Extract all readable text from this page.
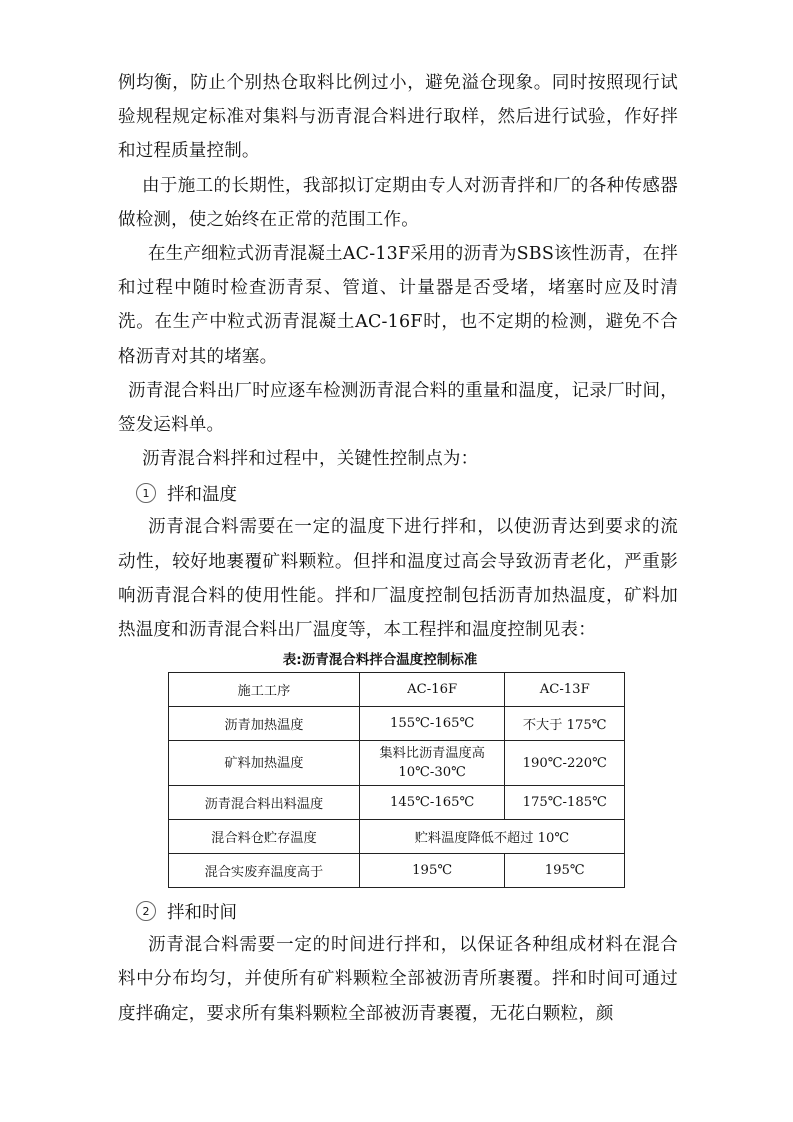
例均衡，防止个别热仓取料比例过小，避免溢仓现象。同时按照现行试验规程规定标准对集料与沥青混合料进行取样，然后进行试验，作好拌和过程质量控制。

由于施工的长期性，我部拟订定期由专人对沥青拌和厂的各种传感器做检测，使之始终在正常的范围工作。

在生产细粒式沥青混凝土AC-13F采用的沥青为SBS该性沥青，在拌和过程中随时检查沥青泵、管道、计量器是否受堵，堵塞时应及时清洗。在生产中粒式沥青混凝土AC-16F时，也不定期的检测，避免不合格沥青对其的堵塞。

沥青混合料出厂时应逐车检测沥青混合料的重量和温度，记录厂时间，签发运料单。

沥青混合料拌和过程中，关键性控制点为：

1	拌和温度

沥青混合料需要在一定的温度下进行拌和，以使沥青达到要求的流动性，较好地裹覆矿料颗粒。但拌和温度过高会导致沥青老化，严重影响沥青混合料的使用性能。拌和厂温度控制包括沥青加热温度，矿料加热温度和沥青混合料出厂温度等，本工程拌和温度控制见表：

表:沥青混合料拌合温度控制标准
施工工序	AC-16F	AC-13F
沥青加热温度	155℃-165℃	不大于 175℃
矿料加热温度	集料比沥青温度高 10℃-30℃	190℃-220℃
沥青混合料出料温度	145℃-165℃	175℃-185℃
混合料仓贮存温度	贮料温度降低不超过 10℃	
混合实废弃温度高于	195℃	195℃
2	拌和时间

沥青混合料需要一定的时间进行拌和，以保证各种组成材料在混合料中分布均匀，并使所有矿料颗粒全部被沥青所裹覆。拌和时间可通过度拌确定，要求所有集料颗粒全部被沥青裹覆，无花白颗粒，颜
